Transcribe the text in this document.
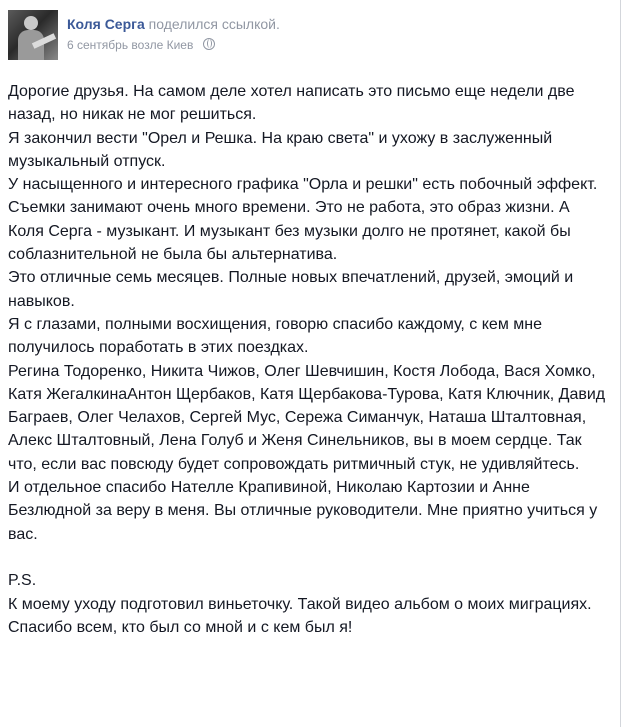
Коля Серга поделился ссылкой.
6 сентябрь возле Киев

Дорогие друзья. На самом деле хотел написать это письмо еще недели две назад, но никак не мог решиться.

Я закончил вести "Орел и Решка. На краю света" и ухожу в заслуженный музыкальный отпуск.

У насыщенного и интересного графика "Орла и решки" есть побочный эффект. Съемки занимают очень много времени. Это не работа, это образ жизни. А Коля Серга - музыкант. И музыкант без музыки долго не протянет, какой бы соблазнительной не была бы альтернатива.

Это отличные семь месяцев. Полные новых впечатлений, друзей, эмоций и навыков.

Я с глазами, полными восхищения, говорю спасибо каждому, с кем мне получилось поработать в этих поездках.

Регина Тодоренко, Никита Чижов, Олег Шевчишин, Костя Лобода, Вася Хомко, Катя ЖегалкинаАнтон Щербаков, Катя Щербакова-Турова, Катя Ключник, Давид Баграев, Олег Челахов, Сергей Мус, Сережа Симанчук, Наташа Шталтовная, Алекс Шталтовный, Лена Голуб и Женя Синельников, вы в моем сердце. Так что, если вас повсюду будет сопровождать ритмичный стук, не удивляйтесь.

И отдельное спасибо Нателле Крапивиной, Николаю Картозии и Анне Безлюдной за веру в меня. Вы отличные руководители. Мне приятно учиться у вас.

P.S.

К моему уходу подготовил виньеточку. Такой видео альбом о моих миграциях.

Спасибо всем, кто был со мной и с кем был я!
